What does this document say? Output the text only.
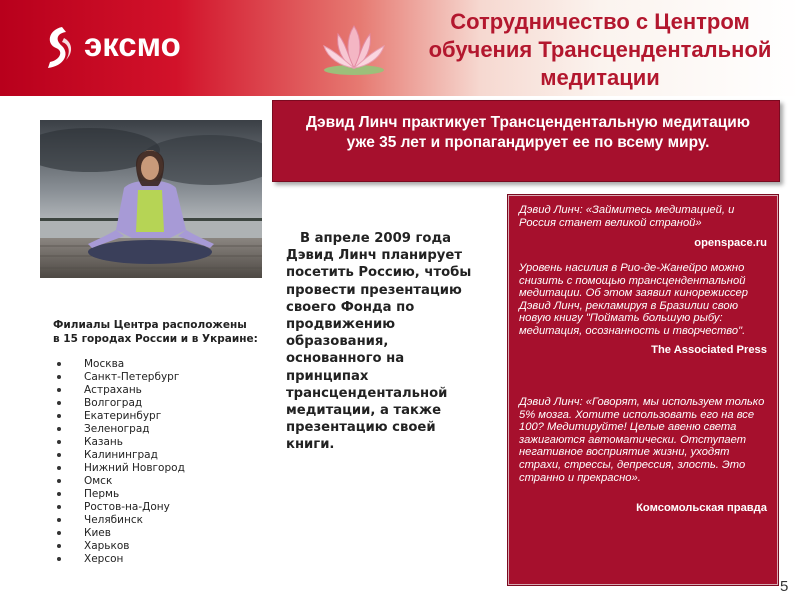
эксмо
Сотрудничество с Центром обучения Трансцендентальной медитации
Дэвид Линч практикует Трансцендентальную медитацию уже 35 лет и пропагандирует ее по всему миру.
Филиалы Центра расположены
в 15 городах России и в Украине:
Москва
Санкт-Петербург
Астрахань
Волгоград
Екатеринбург
Зеленоград
Казань
Калининград
Нижний Новгород
Омск
Пермь
Ростов-на-Дону
Челябинск
Киев
Харьков
Херсон
В апреле 2009 года Дэвид Линч планирует посетить Россию, чтобы провести презентацию своего Фонда по продвижению образования, основанного на принципах трансцендентальной медитации, а также презентацию своей книги.
Дэвид Линч: «Займитесь медитацией, и Россия станет великой страной»
openspace.ru
Уровень насилия в Рио-де-Жанейро можно снизить с помощью трансцендентальной медитации. Об этом заявил кинорежиссер Дэвид Линч, рекламируя в Бразилии свою новую книгу "Поймать большую рыбу: медитация, осознанность и творчество".
The Associated Press
Дэвид Линч: «Говорят, мы используем только 5% мозга. Хотите использовать его на все 100? Медитируйте! Целые авеню света зажигаются автоматически. Отступает негативное восприятие жизни, уходят страхи, стрессы, депрессия, злость. Это странно и прекрасно».
Комсомольская правда
5
